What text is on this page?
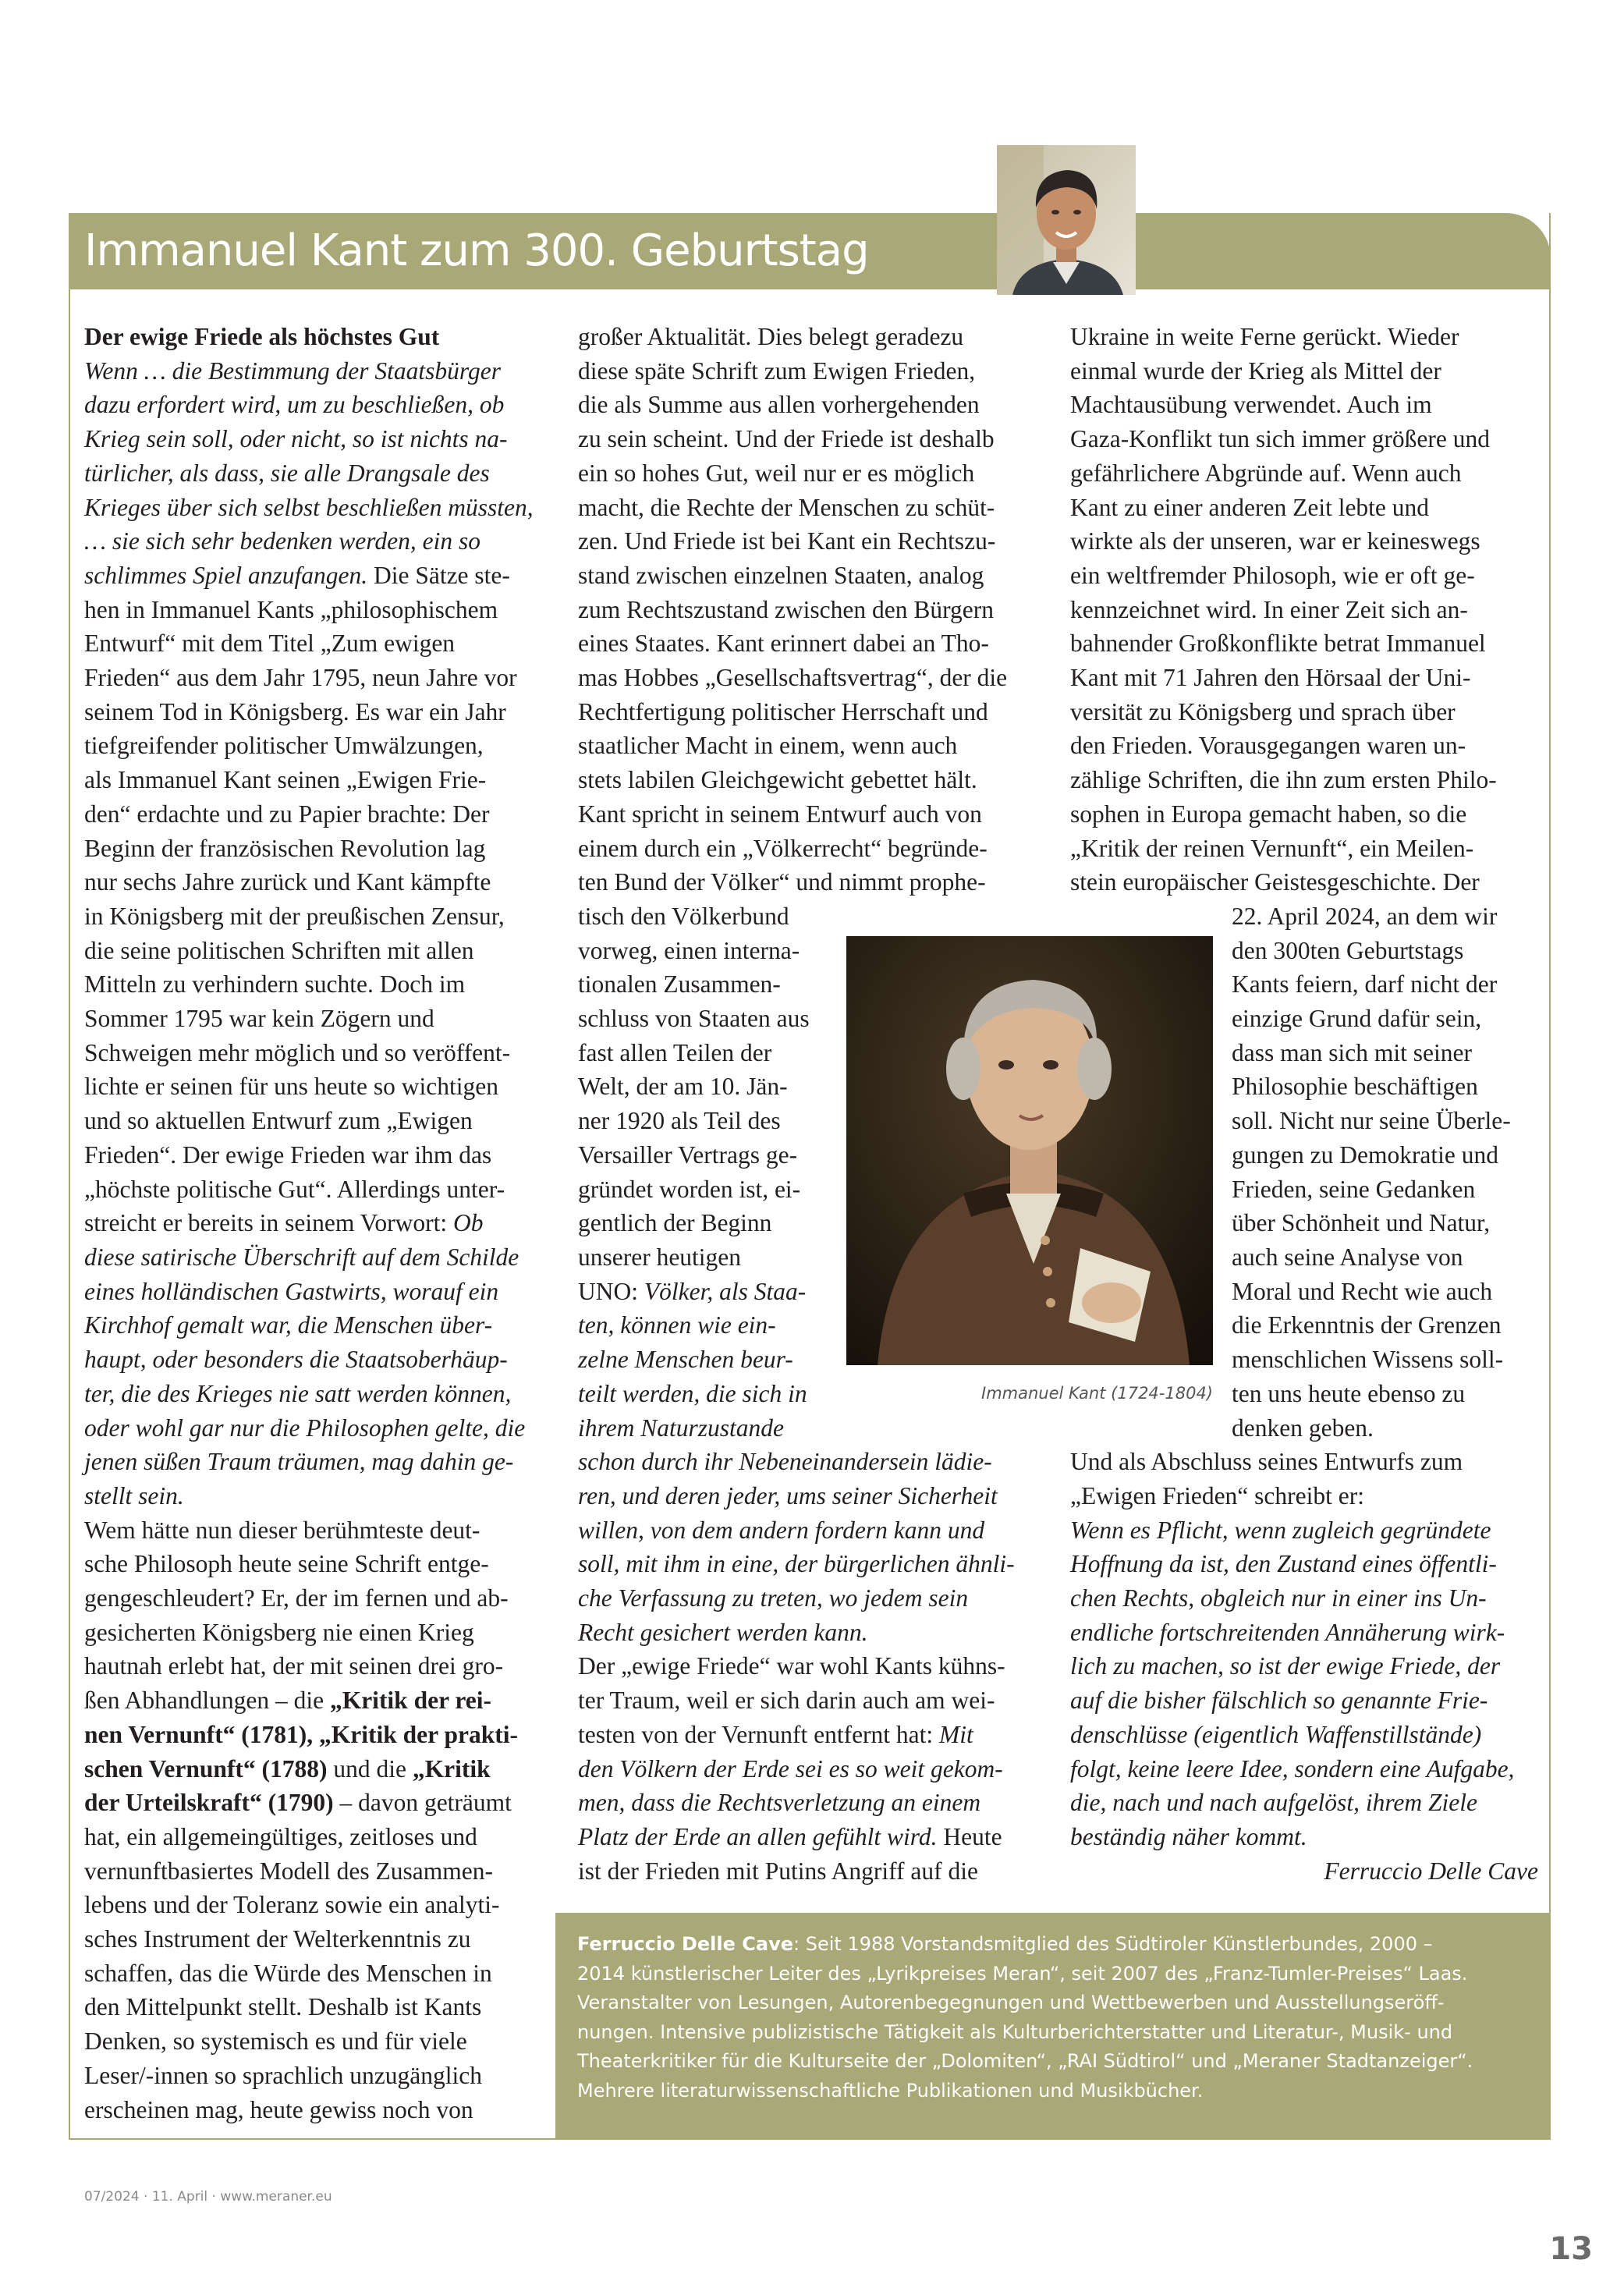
Immanuel Kant zum 300. Geburtstag
Der ewige Friede als höchstes Gut
Wenn … die Bestimmung der Staatsbürger
dazu erfordert wird, um zu beschließen, ob
Krieg sein soll, oder nicht, so ist nichts na-
türlicher, als dass, sie alle Drangsale des
Krieges über sich selbst beschließen müssten,
… sie sich sehr bedenken werden, ein so
schlimmes Spiel anzufangen. Die Sätze ste-
hen in Immanuel Kants „philosophischem
Entwurf“ mit dem Titel „Zum ewigen
Frieden“ aus dem Jahr 1795, neun Jahre vor
seinem Tod in Königsberg. Es war ein Jahr
tiefgreifender politischer Umwälzungen,
als Immanuel Kant seinen „Ewigen Frie-
den“ erdachte und zu Papier brachte: Der
Beginn der französischen Revolution lag
nur sechs Jahre zurück und Kant kämpfte
in Königsberg mit der preußischen Zensur,
die seine politischen Schriften mit allen
Mitteln zu verhindern suchte. Doch im
Sommer 1795 war kein Zögern und
Schweigen mehr möglich und so veröffent-
lichte er seinen für uns heute so wichtigen
und so aktuellen Entwurf zum „Ewigen
Frieden“. Der ewige Frieden war ihm das
„höchste politische Gut“. Allerdings unter-
streicht er bereits in seinem Vorwort: Ob
diese satirische Überschrift auf dem Schilde
eines holländischen Gastwirts, worauf ein
Kirchhof gemalt war, die Menschen über-
haupt, oder besonders die Staatsoberhäup-
ter, die des Krieges nie satt werden können,
oder wohl gar nur die Philosophen gelte, die
jenen süßen Traum träumen, mag dahin ge-
stellt sein.
Wem hätte nun dieser berühmteste deut-
sche Philosoph heute seine Schrift entge-
gengeschleudert? Er, der im fernen und ab-
gesicherten Königsberg nie einen Krieg
hautnah erlebt hat, der mit seinen drei gro-
ßen Abhandlungen – die „Kritik der rei-
nen Vernunft“ (1781), „Kritik der prakti-
schen Vernunft“ (1788) und die „Kritik
der Urteilskraft“ (1790) – davon geträumt
hat, ein allgemeingültiges, zeitloses und
vernunftbasiertes Modell des Zusammen-
lebens und der Toleranz sowie ein analyti-
sches Instrument der Welterkenntnis zu
schaffen, das die Würde des Menschen in
den Mittelpunkt stellt. Deshalb ist Kants
Denken, so systemisch es und für viele
Leser/-innen so sprachlich unzugänglich
erscheinen mag, heute gewiss noch von
großer Aktualität. Dies belegt geradezu
diese späte Schrift zum Ewigen Frieden,
die als Summe aus allen vorhergehenden
zu sein scheint. Und der Friede ist deshalb
ein so hohes Gut, weil nur er es möglich
macht, die Rechte der Menschen zu schüt-
zen. Und Friede ist bei Kant ein Rechtszu-
stand zwischen einzelnen Staaten, analog
zum Rechtszustand zwischen den Bürgern
eines Staates. Kant erinnert dabei an Tho-
mas Hobbes „Gesellschaftsvertrag“, der die
Rechtfertigung politischer Herrschaft und
staatlicher Macht in einem, wenn auch
stets labilen Gleichgewicht gebettet hält.
Kant spricht in seinem Entwurf auch von
einem durch ein „Völkerrecht“ begründe-
ten Bund der Völker“ und nimmt prophe-
tisch den Völkerbund
vorweg, einen interna-
tionalen Zusammen-
schluss von Staaten aus
fast allen Teilen der
Welt, der am 10. Jän-
ner 1920 als Teil des
Versailler Vertrags ge-
gründet worden ist, ei-
gentlich der Beginn
unserer heutigen
UNO: Völker, als Staa-
ten, können wie ein-
zelne Menschen beur-
teilt werden, die sich in
ihrem Naturzustande
schon durch ihr Nebeneinandersein lädie-
ren, und deren jeder, ums seiner Sicherheit
willen, von dem andern fordern kann und
soll, mit ihm in eine, der bürgerlichen ähnli-
che Verfassung zu treten, wo jedem sein
Recht gesichert werden kann.
Der „ewige Friede“ war wohl Kants kühns-
ter Traum, weil er sich darin auch am wei-
testen von der Vernunft entfernt hat: Mit
den Völkern der Erde sei es so weit gekom-
men, dass die Rechtsverletzung an einem
Platz der Erde an allen gefühlt wird. Heute
ist der Frieden mit Putins Angriff auf die
Ukraine in weite Ferne gerückt. Wieder
einmal wurde der Krieg als Mittel der
Machtausübung verwendet. Auch im
Gaza-Konflikt tun sich immer größere und
gefährlichere Abgründe auf. Wenn auch
Kant zu einer anderen Zeit lebte und
wirkte als der unseren, war er keineswegs
ein weltfremder Philosoph, wie er oft ge-
kennzeichnet wird. In einer Zeit sich an-
bahnender Großkonflikte betrat Immanuel
Kant mit 71 Jahren den Hörsaal der Uni-
versität zu Königsberg und sprach über
den Frieden. Vorausgegangen waren un-
zählige Schriften, die ihn zum ersten Philo-
sophen in Europa gemacht haben, so die
„Kritik der reinen Vernunft“, ein Meilen-
stein europäischer Geistesgeschichte. Der
22. April 2024, an dem wir
den 300ten Geburtstags
Kants feiern, darf nicht der
einzige Grund dafür sein,
dass man sich mit seiner
Philosophie beschäftigen
soll. Nicht nur seine Überle-
gungen zu Demokratie und
Frieden, seine Gedanken
über Schönheit und Natur,
auch seine Analyse von
Moral und Recht wie auch
die Erkenntnis der Grenzen
menschlichen Wissens soll-
ten uns heute ebenso zu
denken geben.
Und als Abschluss seines Entwurfs zum
„Ewigen Frieden“ schreibt er:
Wenn es Pflicht, wenn zugleich gegründete
Hoffnung da ist, den Zustand eines öffentli-
chen Rechts, obgleich nur in einer ins Un-
endliche fortschreitenden Annäherung wirk-
lich zu machen, so ist der ewige Friede, der
auf die bisher fälschlich so genannte Frie-
denschlüsse (eigentlich Waffenstillstände)
folgt, keine leere Idee, sondern eine Aufgabe,
die, nach und nach aufgelöst, ihrem Ziele
beständig näher kommt.
Ferruccio Delle Cave
Immanuel Kant (1724-1804)
Ferruccio Delle Cave: Seit 1988 Vorstandsmitglied des Südtiroler Künstlerbundes, 2000 –
2014 künstlerischer Leiter des „Lyrikpreises Meran“, seit 2007 des „Franz-Tumler-Preises“ Laas.
Veranstalter von Lesungen, Autorenbegegnungen und Wettbewerben und Ausstellungseröff-
nungen. Intensive publizistische Tätigkeit als Kulturberichterstatter und Literatur-, Musik- und
Theaterkritiker für die Kulturseite der „Dolomiten“, „RAI Südtirol“ und „Meraner Stadtanzeiger“.
Mehrere literaturwissenschaftliche Publikationen und Musikbücher.
07/2024 · 11. April · www.meraner.eu
13
